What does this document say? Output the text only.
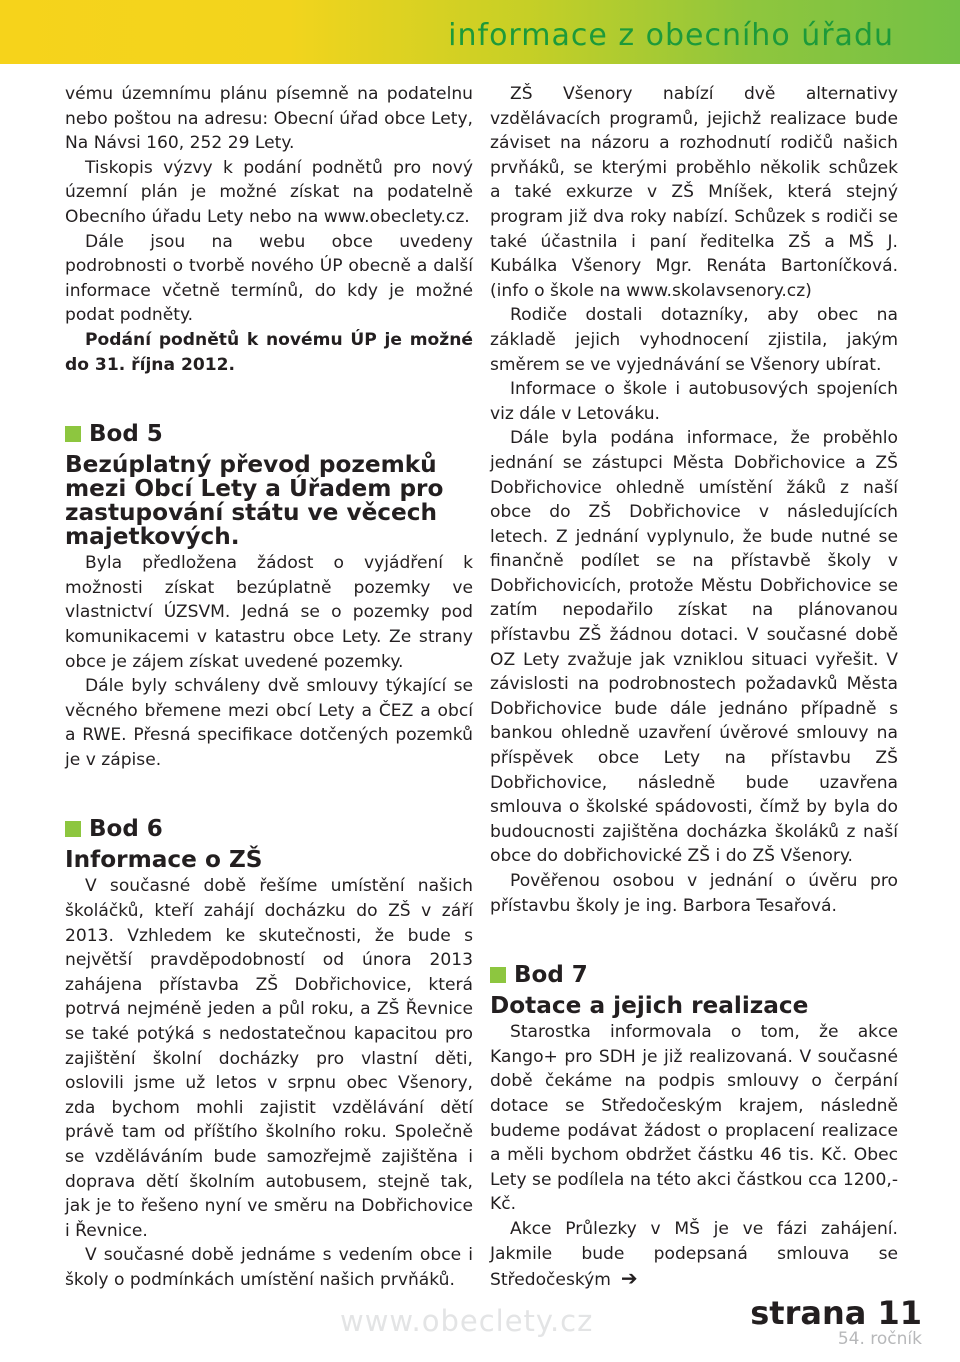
informace z obecního úřadu

vému územnímu plánu písemně na podatelnu nebo poštou na adresu: Obecní úřad obce Lety, Na Návsi 160, 252 29 Lety.

Tiskopis výzvy k podání podnětů pro nový územní plán je možné získat na podatelně Obecního úřadu Lety nebo na www.obeclety.cz.

Dále jsou na webu obce uvedeny podrobnosti o tvorbě nového ÚP obecně a další informace včetně termínů, do kdy je možné podat podněty.

Podání podnětů k novému ÚP je možné do 31. října 2012.

Bod 5
Bezúplatný převod pozemků mezi Obcí Lety a Úřadem pro zastupování státu ve věcech majetkových.

Byla předložena žádost o vyjádření k možnosti získat bezúplatně pozemky ve vlastnictví ÚZSVM. Jedná se o pozemky pod komunikacemi v katastru obce Lety. Ze strany obce je zájem získat uvedené pozemky.

Dále byly schváleny dvě smlouvy týkající se věcného břemene mezi obcí Lety a ČEZ a obcí a RWE. Přesná specifikace dotčených pozemků je v zápise.

Bod 6
Informace o ZŠ

V současné době řešíme umístění našich školáčků, kteří zahájí docházku do ZŠ v září 2013. Vzhledem ke skutečnosti, že bude s největší pravděpodobností od února 2013 zahájena přístavba ZŠ Dobřichovice, která potrvá nejméně jeden a půl roku, a ZŠ Řevnice se také potýká s nedostatečnou kapacitou pro zajištění školní docházky pro vlastní děti, oslovili jsme už letos v srpnu obec Všenory, zda bychom mohli zajistit vzdělávání dětí právě tam od příštího školního roku. Společně se vzděláváním bude samozřejmě zajištěna i doprava dětí školním autobusem, stejně tak, jak je to řešeno nyní ve směru na Dobřichovice i Řevnice.

V současné době jednáme s vedením obce i školy o podmínkách umístění našich prvňáků.

ZŠ Všenory nabízí dvě alternativy vzdělávacích programů, jejichž realizace bude záviset na názoru a rozhodnutí rodičů našich prvňáků, se kterými proběhlo několik schůzek a také exkurze v ZŠ Mníšek, která stejný program již dva roky nabízí. Schůzek s rodiči se také účastnila i paní ředitelka ZŠ a MŠ J. Kubálka Všenory Mgr. Renáta Bartoníčková. (info o škole na www.skolavsenory.cz)

Rodiče dostali dotazníky, aby obec na základě jejich vyhodnocení zjistila, jakým směrem se ve vyjednávání se Všenory ubírat.

Informace o škole i autobusových spojeních viz dále v Letováku.

Dále byla podána informace, že proběhlo jednání se zástupci Města Dobřichovice a ZŠ Dobřichovice ohledně umístění žáků z naší obce do ZŠ Dobřichovice v následujících letech. Z jednání vyplynulo, že bude nutné se finančně podílet se na přístavbě školy v Dobřichovicích, protože Městu Dobřichovice se zatím nepodařilo získat na plánovanou přístavbu ZŠ žádnou dotaci. V současné době OZ Lety zvažuje jak vzniklou situaci vyřešit. V závislosti na podrobnostech požadavků Města Dobřichovice bude dále jednáno případně s bankou ohledně uzavření úvěrové smlouvy na příspěvek obce Lety na přístavbu ZŠ Dobřichovice, následně bude uzavřena smlouva o školské spádovosti, čímž by byla do budoucnosti zajištěna docházka školáků z naší obce do dobřichovické ZŠ i do ZŠ Všenory.

Pověřenou osobou v jednání o úvěru pro přístavbu školy je ing. Barbora Tesařová.

Bod 7
Dotace a jejich realizace

Starostka informovala o tom, že akce Kango+ pro SDH je již realizovaná. V současné době čekáme na podpis smlouvy o čerpání dotace se Středočeským krajem, následně budeme podávat žádost o proplacení realizace a měli bychom obdržet částku 46 tis. Kč. Obec Lety se podílela na této akci částkou cca 1200,- Kč.

Akce Průlezky v MŠ je ve fázi zahájení. Jakmile bude podepsaná smlouva se Středočeským ➔

www.obeclety.cz	strana 11
54. ročník
